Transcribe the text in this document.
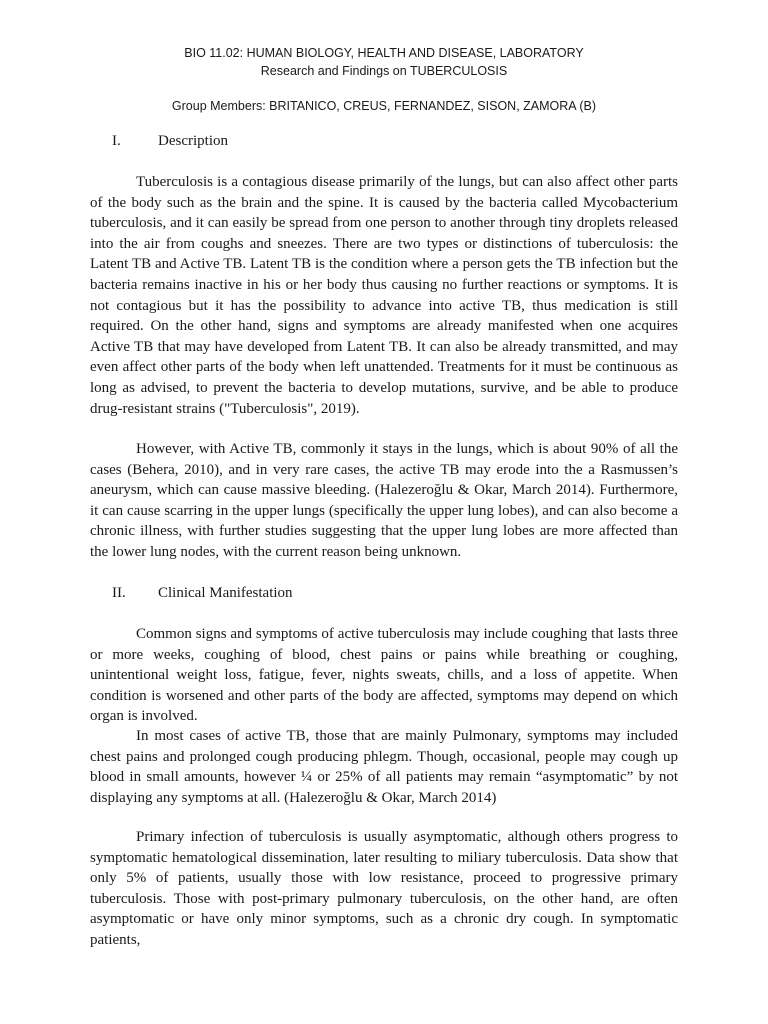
BIO 11.02: HUMAN BIOLOGY, HEALTH AND DISEASE, LABORATORY
Research and Findings on TUBERCULOSIS
Group Members: BRITANICO, CREUS, FERNANDEZ, SISON, ZAMORA (B)
I. Description

Tuberculosis is a contagious disease primarily of the lungs, but can also affect other parts of the body such as the brain and the spine. It is caused by the bacteria called Mycobacterium tuberculosis, and it can easily be spread from one person to another through tiny droplets released into the air from coughs and sneezes. There are two types or distinctions of tuberculosis: the Latent TB and Active TB. Latent TB is the condition where a person gets the TB infection but the bacteria remains inactive in his or her body thus causing no further reactions or symptoms. It is not contagious but it has the possibility to advance into active TB, thus medication is still required. On the other hand, signs and symptoms are already manifested when one acquires Active TB that may have developed from Latent TB. It can also be already transmitted, and may even affect other parts of the body when left unattended. Treatments for it must be continuous as long as advised, to prevent the bacteria to develop mutations, survive, and be able to produce drug-resistant strains ("Tuberculosis", 2019).

However, with Active TB, commonly it stays in the lungs, which is about 90% of all the cases (Behera, 2010), and in very rare cases, the active TB may erode into the a Rasmussen’s aneurysm, which can cause massive bleeding. (Halezeroğlu & Okar, March 2014). Furthermore, it can cause scarring in the upper lungs (specifically the upper lung lobes), and can also become a chronic illness, with further studies suggesting that the upper lung lobes are more affected than the lower lung nodes, with the current reason being unknown.

II. Clinical Manifestation

Common signs and symptoms of active tuberculosis may include coughing that lasts three or more weeks, coughing of blood, chest pains or pains while breathing or coughing, unintentional weight loss, fatigue, fever, nights sweats, chills, and a loss of appetite. When condition is worsened and other parts of the body are affected, symptoms may depend on which organ is involved.

In most cases of active TB, those that are mainly Pulmonary, symptoms may included chest pains and prolonged cough producing phlegm. Though, occasional, people may cough up blood in small amounts, however ¼ or 25% of all patients may remain “asymptomatic” by not displaying any symptoms at all. (Halezeroğlu & Okar, March 2014)

Primary infection of tuberculosis is usually asymptomatic, although others progress to symptomatic hematological dissemination, later resulting to miliary tuberculosis. Data show that only 5% of patients, usually those with low resistance, proceed to progressive primary tuberculosis. Those with post-primary pulmonary tuberculosis, on the other hand, are often asymptomatic or have only minor symptoms, such as a chronic dry cough. In symptomatic patients,
